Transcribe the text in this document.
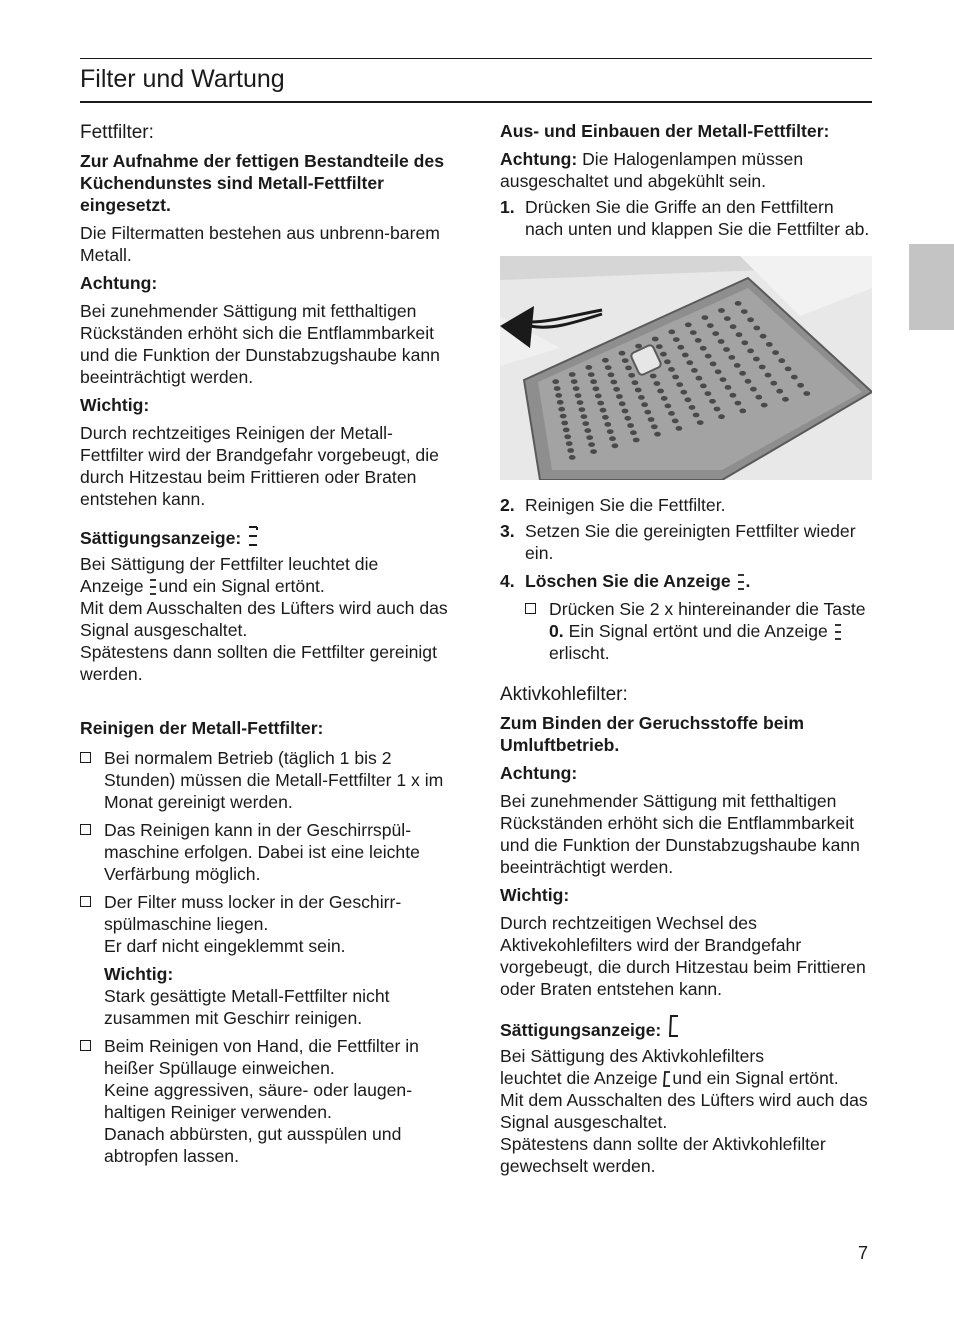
Filter und Wartung

Fettfilter:

Zur Aufnahme der fettigen Bestandteile des Küchendunstes sind Metall-Fettfilter eingesetzt.

Die Filtermatten bestehen aus unbrenn-barem Metall.

Achtung:

Bei zunehmender Sättigung mit fetthaltigen Rückständen erhöht sich die Entflammbarkeit und die Funktion der Dunstabzugshaube kann beeinträchtigt werden.

Wichtig:

Durch rechtzeitiges Reinigen der Metall-Fettfilter wird der Brandgefahr vorgebeugt, die durch Hitzestau beim Frittieren oder Braten entstehen kann.

Sättigungsanzeige:

Bei Sättigung der Fettfilter leuchtet die
Anzeige und ein Signal ertönt.
Mit dem Ausschalten des Lüfters wird auch das Signal ausgeschaltet.
Spätestens dann sollten die Fettfilter gereinigt werden.

Reinigen der Metall-Fettfilter:

Bei normalem Betrieb (täglich 1 bis 2 Stunden) müssen die Metall-Fettfilter 1 x im Monat gereinigt werden.
Das Reinigen kann in der Geschirrspül-maschine erfolgen. Dabei ist eine leichte Verfärbung möglich.
Der Filter muss locker in der Geschirr-spülmaschine liegen.
Er darf nicht eingeklemmt sein.

Wichtig:

Stark gesättigte Metall-Fettfilter nicht zusammen mit Geschirr reinigen.

Beim Reinigen von Hand, die Fettfilter in heißer Spüllauge einweichen.
Keine aggressiven, säure- oder laugen-haltigen Reiniger verwenden.
Danach abbürsten, gut ausspülen und abtropfen lassen.

Aus- und Einbauen der Metall-Fettfilter:

Achtung: Die Halogenlampen müssen ausgeschaltet und abgekühlt sein.

1. Drücken Sie die Griffe an den Fettfiltern nach unten und klappen Sie die Fettfilter ab.
2. Reinigen Sie die Fettfilter.
3. Setzen Sie die gereinigten Fettfilter wieder ein.
4. Löschen Sie die Anzeige .
Drücken Sie 2 x hintereinander die Taste 0. Ein Signal ertönt und die Anzeige  erlischt.

Aktivkohlefilter:

Zum Binden der Geruchsstoffe beim Umluftbetrieb.

Achtung:

Bei zunehmender Sättigung mit fetthaltigen Rückständen erhöht sich die Entflammbarkeit und die Funktion der Dunstabzugshaube kann beeinträchtigt werden.

Wichtig:

Durch rechtzeitigen Wechsel des Aktivekohlefilters wird der Brandgefahr vorgebeugt, die durch Hitzestau beim Frittieren oder Braten entstehen kann.

Sättigungsanzeige:

Bei Sättigung des Aktivkohlefilters
leuchtet die Anzeige und ein Signal ertönt.
Mit dem Ausschalten des Lüfters wird auch das Signal ausgeschaltet.
Spätestens dann sollte der Aktivkohlefilter gewechselt werden.

7
